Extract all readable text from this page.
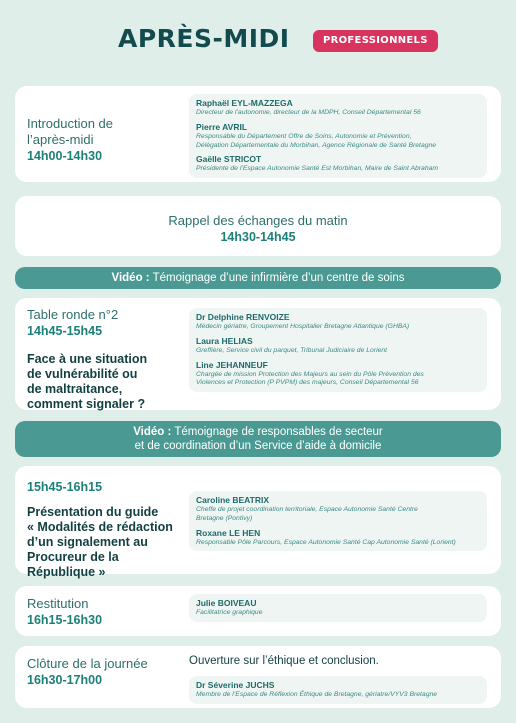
APRÈS-MIDI	PROFESSIONNELS
Introduction de
l’après-midi
14h00-14h30
Raphaël EYL-MAZZEGA
Directeur de l’autonomie, directeur de la MDPH, Conseil Départemental 56
Pierre AVRIL
Responsable du Département Offre de Soins, Autonomie et Prévention,
Délégation Départementale du Morbihan, Agence Régionale de Santé Bretagne
Gaëlle STRICOT
Présidente de l’Espace Autonomie Santé Est Morbihan, Maire de Saint Abraham
Rappel des échanges du matin
14h30-14h45
Vidéo : Témoignage d’une infirmière d’un centre de soins
Table ronde n°2
14h45-15h45
Face à une situation
de vulnérabilité ou
de maltraitance,
comment signaler ?
Dr Delphine RENVOIZE
Médecin gériatre, Groupement Hospitalier Bretagne Atlantique (GHBA)
Laura HELIAS
Greffière, Service civil du parquet, Tribunal Judiciaire de Lorient
Line JEHANNEUF
Chargée de mission Protection des Majeurs au sein du Pôle Prévention des
Violences et Protection (P PVPM) des majeurs, Conseil Départemental 56
Vidéo : Témoignage de responsables de secteur
et de coordination d’un Service d’aide à domicile
15h45-16h15
Présentation du guide
« Modalités de rédaction
d’un signalement au
Procureur de la
République »
Caroline BEATRIX
Cheffe de projet coordination territoriale, Espace Autonomie Santé Centre
Bretagne (Pontivy)
Roxane LE HEN
Responsable Pôle Parcours, Espace Autonomie Santé Cap Autonomie Santé (Lorient)
Restitution
16h15-16h30
Julie BOIVEAU
Facilitatrice graphique
Clôture de la journée
16h30-17h00
Ouverture sur l’éthique et conclusion.
Dr Séverine JUCHS
Membre de l’Espace de Réflexion Éthique de Bretagne, gériatre/VYV3 Bretagne
